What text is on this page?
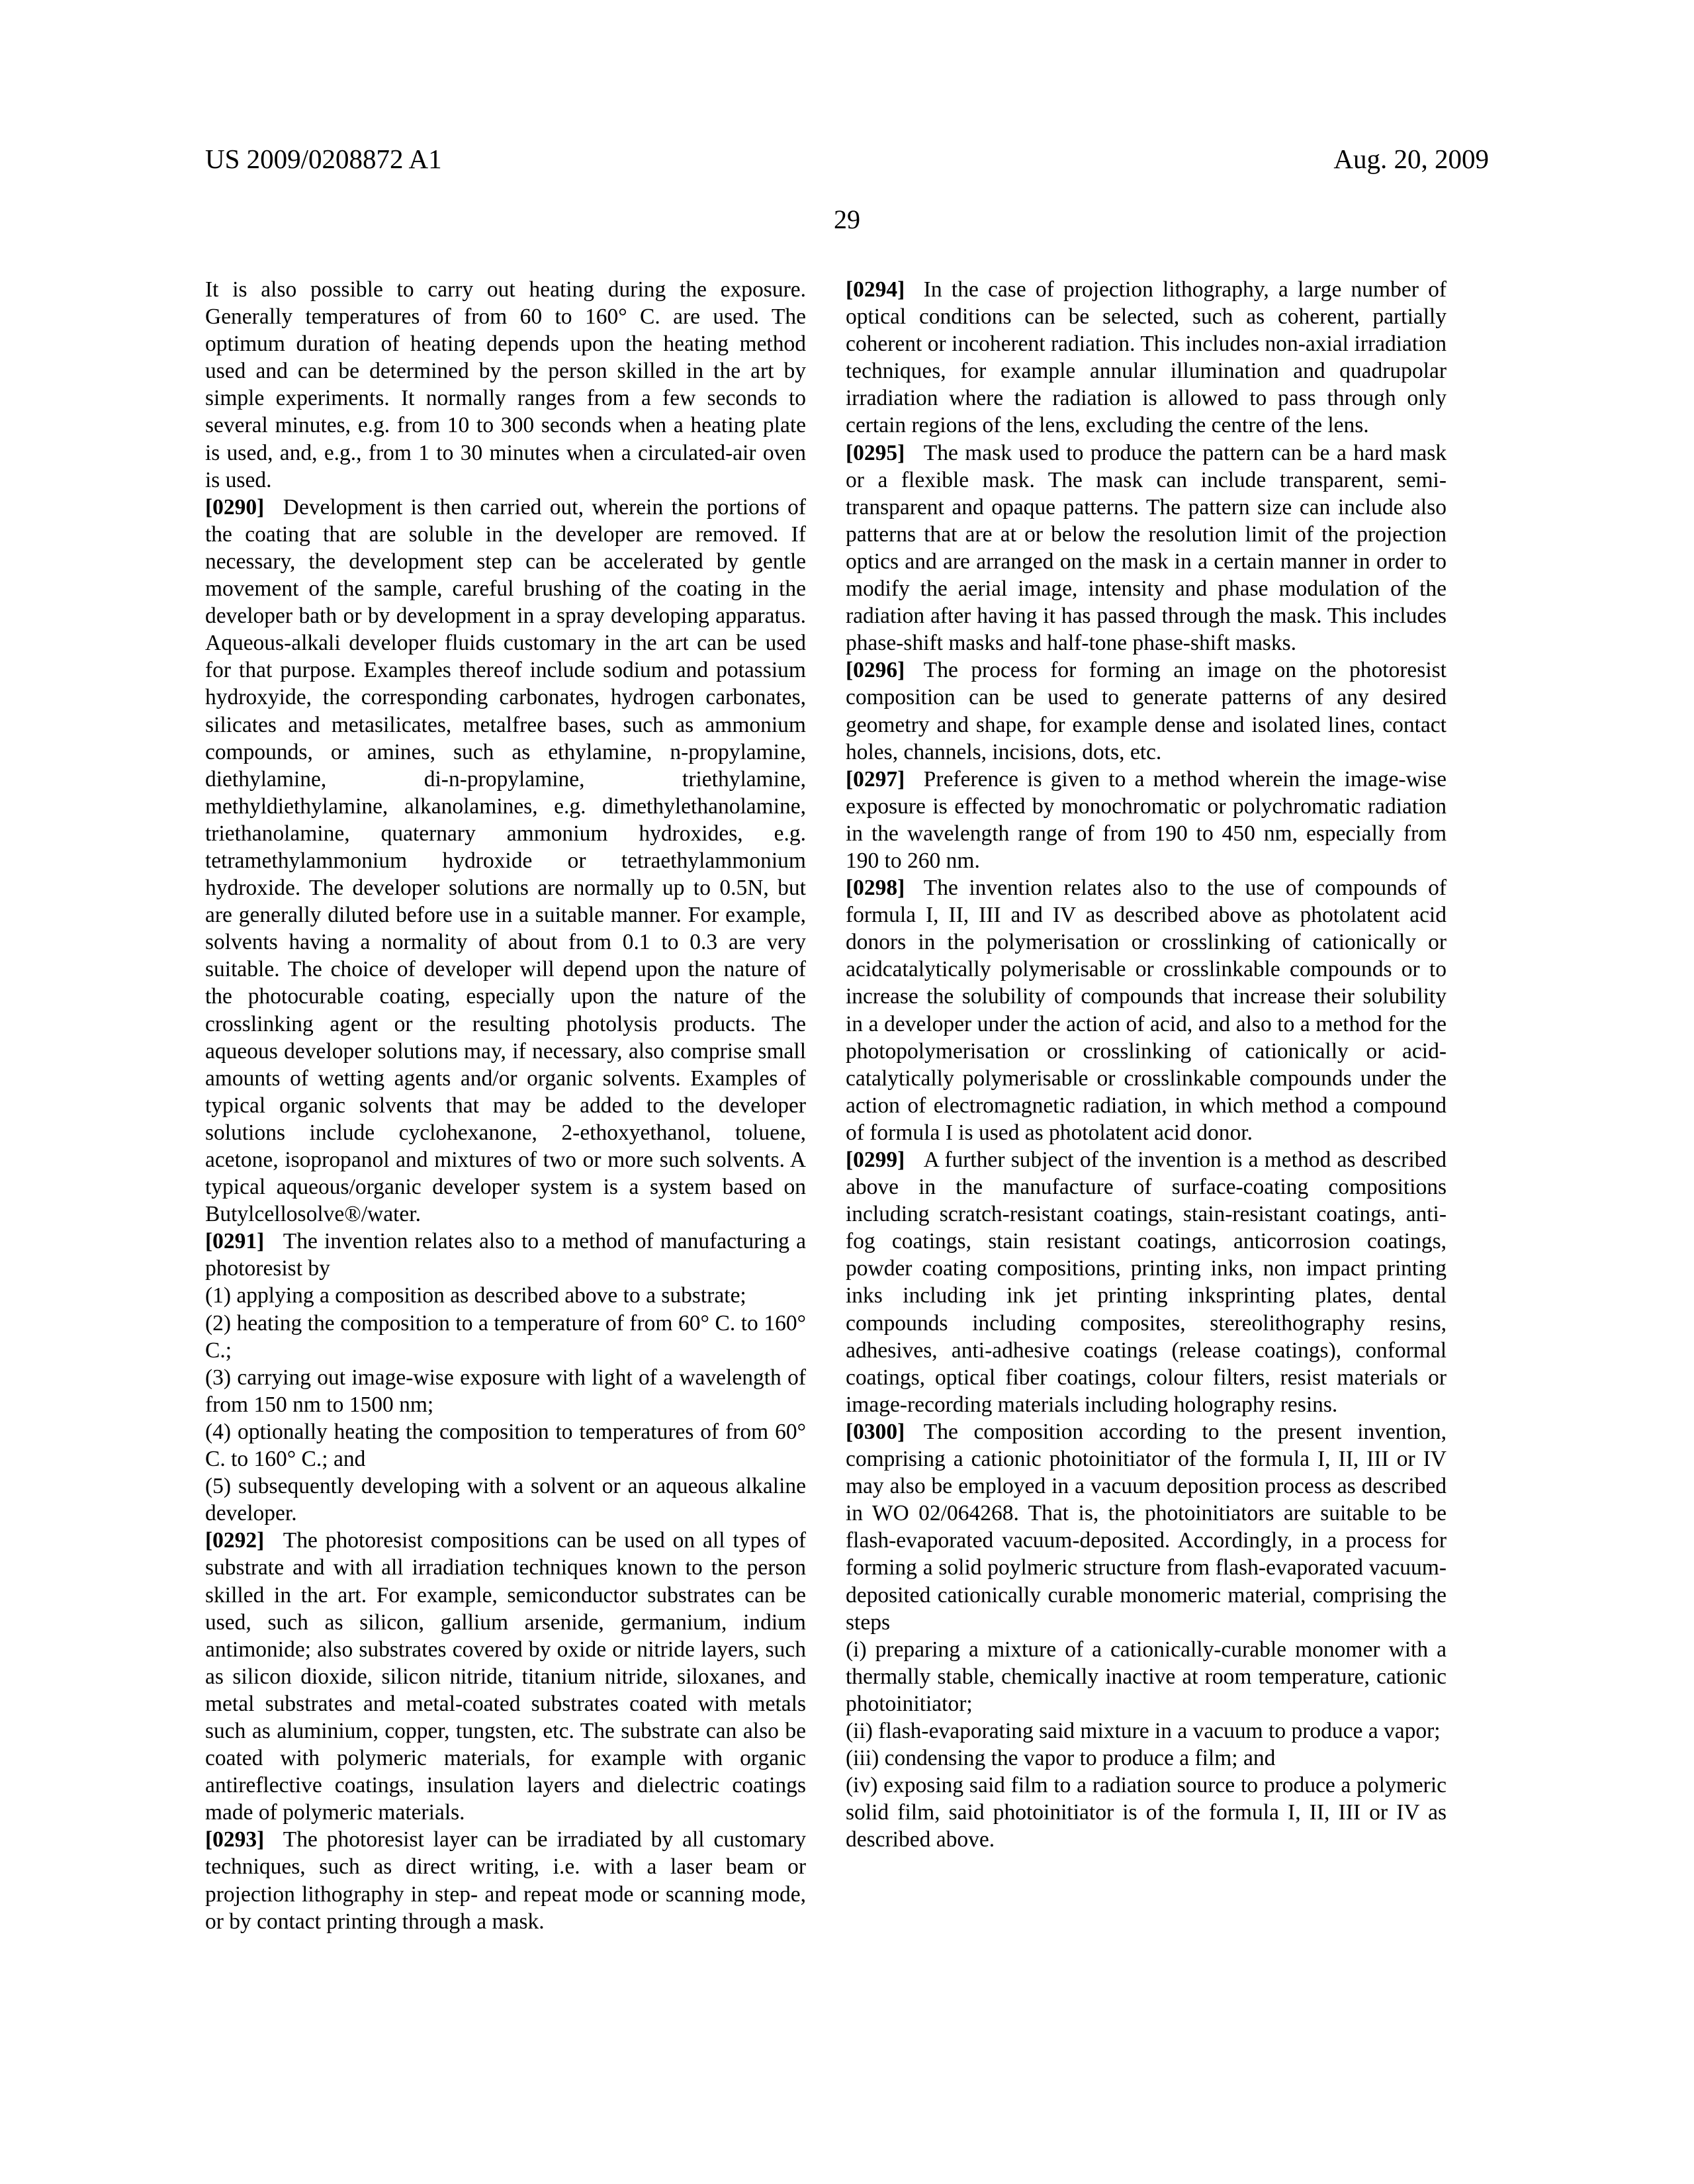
US 2009/0208872 A1	Aug. 20, 2009
29

It is also possible to carry out heating during the exposure. Generally temperatures of from 60 to 160° C. are used. The optimum duration of heating depends upon the heating method used and can be determined by the person skilled in the art by simple experiments. It normally ranges from a few seconds to several minutes, e.g. from 10 to 300 seconds when a heating plate is used, and, e.g., from 1 to 30 minutes when a circulated-air oven is used.

[0290] Development is then carried out, wherein the portions of the coating that are soluble in the developer are removed. If necessary, the development step can be accelerated by gentle movement of the sample, careful brushing of the coating in the developer bath or by development in a spray developing apparatus. Aqueous-alkali developer fluids customary in the art can be used for that purpose. Examples thereof include sodium and potassium hydroxyide, the corresponding carbonates, hydrogen carbonates, silicates and metasilicates, metalfree bases, such as ammonium compounds, or amines, such as ethylamine, n-propylamine, diethylamine, di-n-propylamine, triethylamine, methyldiethylamine, alkanolamines, e.g. dimethylethanolamine, triethanolamine, quaternary ammonium hydroxides, e.g. tetramethylammonium hydroxide or tetraethylammonium hydroxide. The developer solutions are normally up to 0.5N, but are generally diluted before use in a suitable manner. For example, solvents having a normality of about from 0.1 to 0.3 are very suitable. The choice of developer will depend upon the nature of the photocurable coating, especially upon the nature of the crosslinking agent or the resulting photolysis products. The aqueous developer solutions may, if necessary, also comprise small amounts of wetting agents and/or organic solvents. Examples of typical organic solvents that may be added to the developer solutions include cyclohexanone, 2-ethoxyethanol, toluene, acetone, isopropanol and mixtures of two or more such solvents. A typical aqueous/organic developer system is a system based on Butylcellosolve®/water.

[0291] The invention relates also to a method of manufacturing a photoresist by

(1) applying a composition as described above to a substrate;

(2) heating the composition to a temperature of from 60° C. to 160° C.;

(3) carrying out image-wise exposure with light of a wavelength of from 150 nm to 1500 nm;

(4) optionally heating the composition to temperatures of from 60° C. to 160° C.; and

(5) subsequently developing with a solvent or an aqueous alkaline developer.

[0292] The photoresist compositions can be used on all types of substrate and with all irradiation techniques known to the person skilled in the art. For example, semiconductor substrates can be used, such as silicon, gallium arsenide, germanium, indium antimonide; also substrates covered by oxide or nitride layers, such as silicon dioxide, silicon nitride, titanium nitride, siloxanes, and metal substrates and metal-coated substrates coated with metals such as aluminium, copper, tungsten, etc. The substrate can also be coated with polymeric materials, for example with organic antireflective coatings, insulation layers and dielectric coatings made of polymeric materials.

[0293] The photoresist layer can be irradiated by all customary techniques, such as direct writing, i.e. with a laser beam or projection lithography in step- and repeat mode or scanning mode, or by contact printing through a mask.

[0294] In the case of projection lithography, a large number of optical conditions can be selected, such as coherent, partially coherent or incoherent radiation. This includes non-axial irradiation techniques, for example annular illumination and quadrupolar irradiation where the radiation is allowed to pass through only certain regions of the lens, excluding the centre of the lens.

[0295] The mask used to produce the pattern can be a hard mask or a flexible mask. The mask can include transparent, semi-transparent and opaque patterns. The pattern size can include also patterns that are at or below the resolution limit of the projection optics and are arranged on the mask in a certain manner in order to modify the aerial image, intensity and phase modulation of the radiation after having it has passed through the mask. This includes phase-shift masks and half-tone phase-shift masks.

[0296] The process for forming an image on the photoresist composition can be used to generate patterns of any desired geometry and shape, for example dense and isolated lines, contact holes, channels, incisions, dots, etc.

[0297] Preference is given to a method wherein the image-wise exposure is effected by monochromatic or polychromatic radiation in the wavelength range of from 190 to 450 nm, especially from 190 to 260 nm.

[0298] The invention relates also to the use of compounds of formula I, II, III and IV as described above as photolatent acid donors in the polymerisation or crosslinking of cationically or acidcatalytically polymerisable or crosslinkable compounds or to increase the solubility of compounds that increase their solubility in a developer under the action of acid, and also to a method for the photopolymerisation or crosslinking of cationically or acid-catalytically polymerisable or crosslinkable compounds under the action of electromagnetic radiation, in which method a compound of formula I is used as photolatent acid donor.

[0299] A further subject of the invention is a method as described above in the manufacture of surface-coating compositions including scratch-resistant coatings, stain-resistant coatings, anti-fog coatings, stain resistant coatings, anticorrosion coatings, powder coating compositions, printing inks, non impact printing inks including ink jet printing inksprinting plates, dental compounds including composites, stereolithography resins, adhesives, anti-adhesive coatings (release coatings), conformal coatings, optical fiber coatings, colour filters, resist materials or image-recording materials including holography resins.

[0300] The composition according to the present invention, comprising a cationic photoinitiator of the formula I, II, III or IV may also be employed in a vacuum deposition process as described in WO 02/064268. That is, the photoinitiators are suitable to be flash-evaporated vacuum-deposited. Accordingly, in a process for forming a solid poylmeric structure from flash-evaporated vacuum-deposited cationically curable monomeric material, comprising the steps

(i) preparing a mixture of a cationically-curable monomer with a thermally stable, chemically inactive at room temperature, cationic photoinitiator;

(ii) flash-evaporating said mixture in a vacuum to produce a vapor;

(iii) condensing the vapor to produce a film; and

(iv) exposing said film to a radiation source to produce a polymeric solid film, said photoinitiator is of the formula I, II, III or IV as described above.
